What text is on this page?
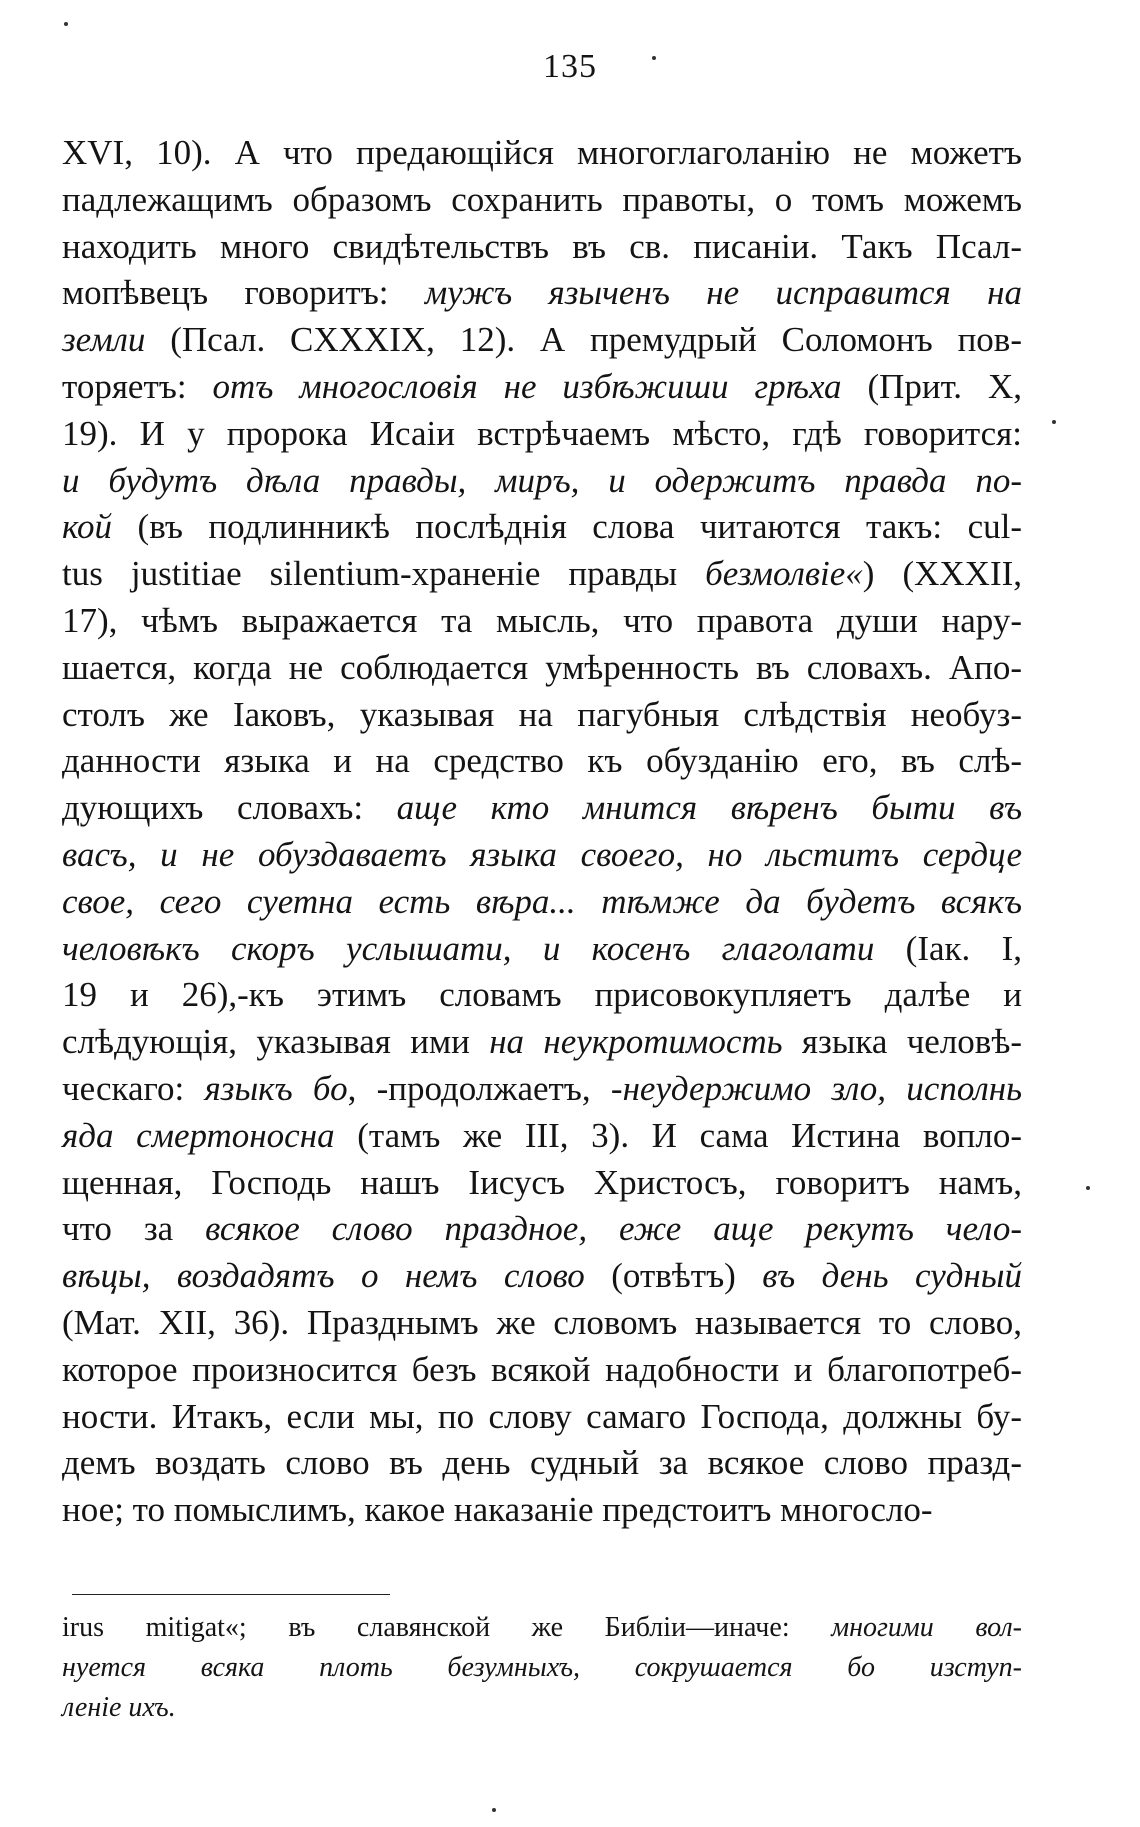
135
XVI, 10). А что предающійся многоглаголанію не можетъ
падлежащимъ образомъ сохранить правоты, о томъ можемъ
находить много свидѣтельствъ въ св. писаніи. Такъ Псал-
мопѣвецъ говоритъ: мужъ языченъ не исправится на
земли (Псал. CXXXIX, 12). А премудрый Соломонъ пов-
торяетъ: отъ многословія не избѣжиши грѣха (Прит. X,
19). И у пророка Исаіи встрѣчаемъ мѣсто, гдѣ говорится:
и будутъ дѣла правды, миръ, и одержитъ правда по-
кой (въ подлинникѣ послѣднія слова читаются такъ: cul-
tus justitiae silentium-храненіе правды безмолвіе«) (XXXII,
17), чѣмъ выражается та мысль, что правота души нару-
шается, когда не соблюдается умѣренность въ словахъ. Апо-
столъ же Іаковъ, указывая на пагубныя слѣдствія необуз-
данности языка и на средство къ обузданію его, въ слѣ-
дующихъ словахъ: аще кто мнится вѣренъ быти въ
васъ, и не обуздаваетъ языка своего, но льститъ сердце
свое, сего суетна есть вѣра... тѣмже да будетъ всякъ
человѣкъ скоръ услышати, и косенъ глаголати (Іак. I,
19 и 26),-къ этимъ словамъ присовокупляетъ далѣе и
слѣдующія, указывая ими на неукротимость языка человѣ-
ческаго: языкъ бо, -продолжаетъ, -неудержимо зло, исполнь
яда смертоносна (тамъ же III, 3). И сама Истина вопло-
щенная, Господь нашъ Іисусъ Христосъ, говоритъ намъ,
что за всякое слово праздное, еже аще рекутъ чело-
вѣцы, воздадятъ о немъ слово (отвѣтъ) въ день судный
(Мат. XII, 36). Празднымъ же словомъ называется то слово,
которое произносится безъ всякой надобности и благопотреб-
ности. Итакъ, если мы, по слову самаго Господа, должны бу-
демъ воздать слово въ день судный за всякое слово празд-
ное; то помыслимъ, какое наказаніе предстоитъ многосло-
irus mitigat«; въ славянской же Библіи—иначе: многими вол-
нуется всяка плоть безумныхъ, сокрушается бо изступ-
леніе ихъ.
